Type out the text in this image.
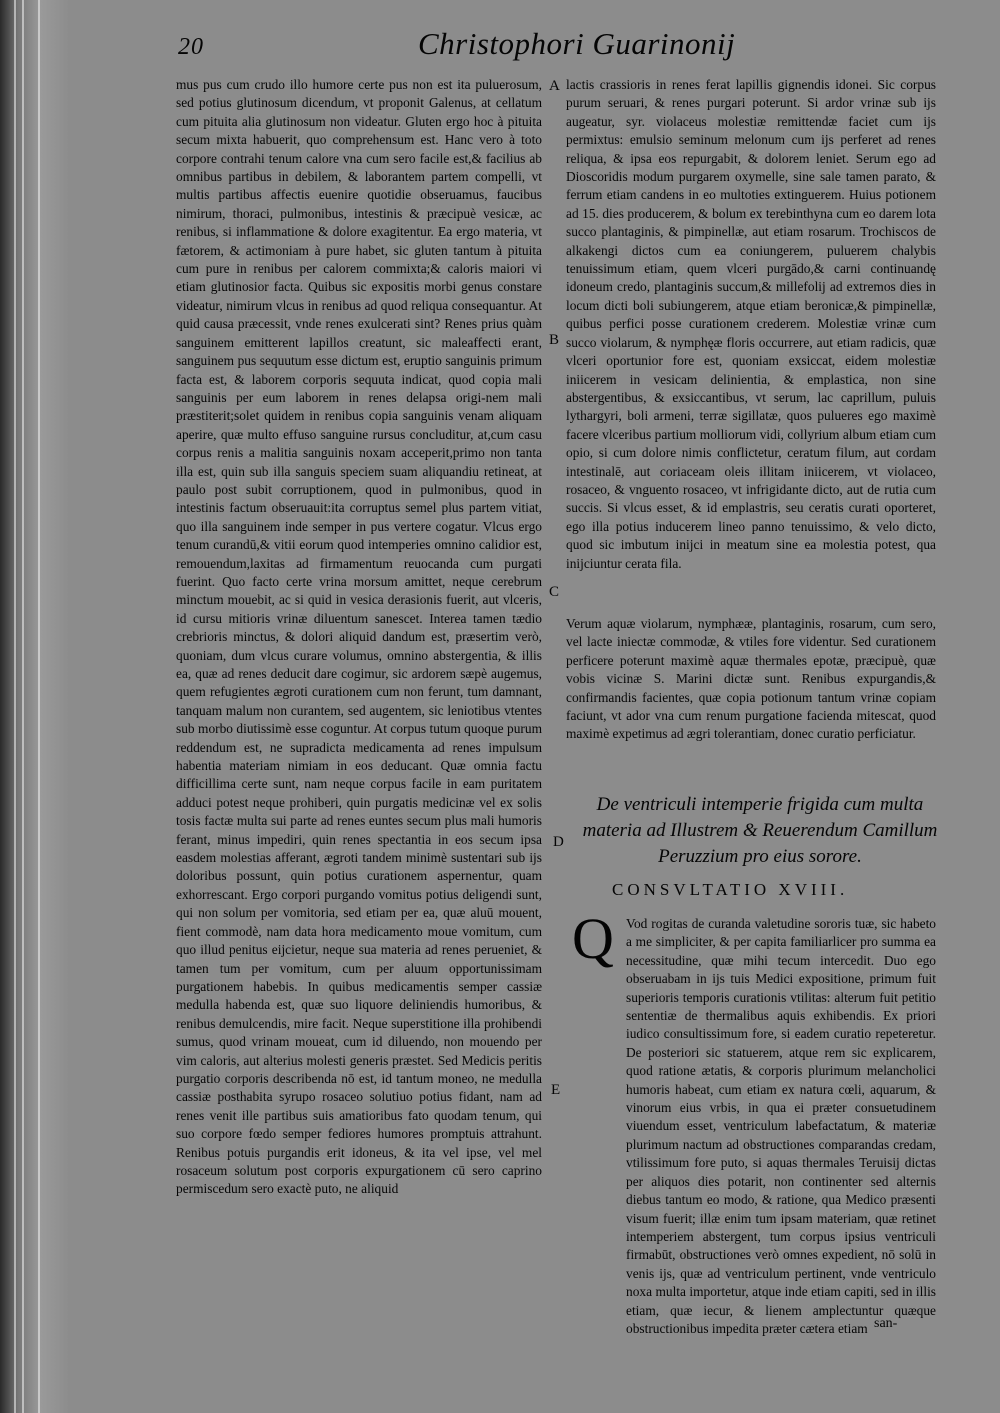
20	Christophori Guarinonij

mus pus cum crudo illo humore certe pus non est ita puluerosum, sed potius glutinosum dicendum, vt proponit Galenus, at cellatum cum pituita alia glutinosum non videatur. Gluten ergo hoc à pituita secum mixta habuerit, quo comprehensum est. Hanc vero à toto corpore contrahi tenum calore vna cum sero facile est,& facilius ab omnibus partibus in debilem, & laborantem partem compelli, vt multis partibus affectis euenire quotidie obseruamus, faucibus nimirum, thoraci, pulmonibus, intestinis & præcipuè vesicæ, ac renibus, si inflammatione & dolore exagitentur. Ea ergo materia, vt fætorem, & actimoniam à pure habet, sic gluten tantum à pituita cum pure in renibus per calorem commixta;& caloris maiori vi etiam glutinosior facta. Quibus sic expositis morbi genus constare videatur, nimirum vlcus in renibus ad quod reliqua consequantur. At quid causa præcessit, vnde renes exulcerati sint? Renes prius quàm sanguinem emitterent lapillos creatunt, sic maleaffecti erant, sanguinem pus sequutum esse dictum est, eruptio sanguinis primum facta est, & laborem corporis sequuta indicat, quod copia mali sanguinis per eum laborem in renes delapsa origi-nem mali præstiterit;solet quidem in renibus copia sanguinis venam aliquam aperire, quæ multo effuso sanguine rursus concluditur, at,cum casu corpus renis a malitia sanguinis noxam acceperit,primo non tanta illa est, quin sub illa sanguis speciem suam aliquandiu retineat, at paulo post subit corruptionem, quod in pulmonibus, quod in intestinis factum obseruauit:ita corruptus semel plus partem vitiat, quo illa sanguinem inde semper in pus vertere cogatur. Vlcus ergo tenum curandū,& vitii eorum quod intemperies omnino calidior est, remouendum,laxitas ad firmamentum reuocanda cum purgati fuerint. Quo facto certe vrina morsum amittet, neque cerebrum minctum mouebit, ac si quid in vesica derasionis fuerit, aut vlceris, id cursu mitioris vrinæ diluentum sanescet. Interea tamen tædio crebrioris minctus, & dolori aliquid dandum est, præsertim verò, quoniam, dum vlcus curare volumus, omnino abstergentia, & illis ea, quæ ad renes deducit dare cogimur, sic ardorem sæpè augemus, quem refugientes ægroti curationem cum non ferunt, tum damnant, tanquam malum non curantem, sed augentem, sic leniotibus vtentes sub morbo diutissimè esse coguntur. At corpus tutum quoque purum reddendum est, ne supradicta medicamenta ad renes impulsum habentia materiam nimiam in eos deducant. Quæ omnia factu difficillima certe sunt, nam neque corpus facile in eam puritatem adduci potest neque prohiberi, quin purgatis medicinæ vel ex solis tosis factæ multa sui parte ad renes euntes secum plus mali humoris ferant, minus impediri, quin renes spectantia in eos secum ipsa easdem molestias afferant, ægroti tandem minimè sustentari sub ijs doloribus possunt, quin potius curationem aspernentur, quam exhorrescant. Ergo corpori purgando vomitus potius deligendi sunt, qui non solum per vomitoria, sed etiam per ea, quæ aluū mouent, fient commodè, nam data hora medicamento moue vomitum, cum quo illud penitus eijcietur, neque sua materia ad renes perueniet, & tamen tum per vomitum, cum per aluum opportunissimam purgationem habebis. In quibus medicamentis semper cassiæ medulla habenda est, quæ suo liquore deliniendis humoribus, & renibus demulcendis, mire facit. Neque superstitione illa prohibendi sumus, quod vrinam moueat, cum id diluendo, non mouendo per vim caloris, aut alterius molesti generis præstet. Sed Medicis peritis purgatio corporis describenda nō est, id tantum moneo, ne medulla cassiæ posthabita syrupo rosaceo solutiuo potius fidant, nam ad renes venit ille partibus suis amatioribus fato quodam tenum, qui suo corpore fœdo semper fediores humores promptuis attrahunt. Renibus potuis purgandis erit idoneus, & ita vel ipse, vel mel rosaceum solutum post corporis expurgationem cū sero caprino permiscedum sero exactè puto, ne aliquid

A
B
C
D
E

lactis crassioris in renes ferat lapillis gignendis idonei. Sic corpus purum seruari, & renes purgari poterunt. Si ardor vrinæ sub ijs augeatur, syr. violaceus molestiæ remittendæ faciet cum ijs permixtus: emulsio seminum melonum cum ijs perferet ad renes reliqua, & ipsa eos repurgabit, & dolorem leniet. Serum ego ad Dioscoridis modum purgarem oxymelle, sine sale tamen parato, & ferrum etiam candens in eo multoties extinguerem. Huius potionem ad 15. dies producerem, & bolum ex terebinthyna cum eo darem lota succo plantaginis, & pimpinellæ, aut etiam rosarum. Trochiscos de alkakengi dictos cum ea coniungerem, puluerem chalybis tenuissimum etiam, quem vlceri purgādo,& carni continuandę idoneum credo, plantaginis succum,& millefolij ad extremos dies in locum dicti boli subiungerem, atque etiam beronicæ,& pimpinellæ, quibus perfici posse curationem crederem. Molestiæ vrinæ cum succo violarum, & nymphęæ floris occurrere, aut etiam radicis, quæ vlceri oportunior fore est, quoniam exsiccat, eidem molestiæ iniicerem in vesicam delinientia, & emplastica, non sine abstergentibus, & exsiccantibus, vt serum, lac caprillum, puluis lythargyri, boli armeni, terræ sigillatæ, quos pulueres ego maximè facere vlceribus partium molliorum vidi, collyrium album etiam cum opio, si cum dolore nimis conflictetur, ceratum filum, aut cordam intestinalē, aut coriaceam oleis illitam iniicerem, vt violaceo, rosaceo, & vnguento rosaceo, vt infrigidante dicto, aut de rutia cum succis. Si vlcus esset, & id emplastris, seu ceratis curati oporteret, ego illa potius inducerem lineo panno tenuissimo, & velo dicto, quod sic imbutum inijci in meatum sine ea molestia potest, qua inijciuntur cerata fila.

Verum aquæ violarum, nymphææ, plantaginis, rosarum, cum sero, vel lacte iniectæ commodæ, & vtiles fore videntur. Sed curationem perficere poterunt maximè aquæ thermales epotæ, præcipuè, quæ vobis vicinæ S. Marini dictæ sunt. Renibus expurgandis,& confirmandis facientes, quæ copia potionum tantum vrinæ copiam faciunt, vt ador vna cum renum purgatione facienda mitescat, quod maximè expetimus ad ægri tolerantiam, donec curatio perficiatur.

De ventriculi intemperie frigida cum multa materia ad Illustrem & Reuerendum Camillum Peruzzium pro eius sorore.
CONSVLTATIO XVIII.
Q Vod rogitas de curanda valetudine sororis tuæ, sic habeto a me simpliciter, & per capita familiarlicer pro summa ea necessitudine, quæ mihi tecum intercedit. Duo ego obseruabam in ijs tuis Medici expositione, primum fuit superioris temporis curationis vtilitas: alterum fuit petitio sententiæ de thermalibus aquis exhibendis. Ex priori iudico consultissimum fore, si eadem curatio repeteretur. De posteriori sic statuerem, atque rem sic explicarem, quod ratione ætatis, & corporis plurimum melancholici humoris habeat, cum etiam ex natura cœli, aquarum, & vinorum eius vrbis, in qua ei præter consuetudinem viuendum esset, ventriculum labefactatum, & materiæ plurimum nactum ad obstructiones comparandas credam, vtilissimum fore puto, si aquas thermales Teruisij dictas per aliquos dies potarit, non continenter sed alternis diebus tantum eo modo, & ratione, qua Medico præsenti visum fuerit; illæ enim tum ipsam materiam, quæ retinet intemperiem abstergent, tum corpus ipsius ventriculi firmabūt, obstructiones verò omnes expedient, nō solū in venis ijs, quæ ad ventriculum pertinent, vnde ventriculo noxa multa importetur, atque inde etiam capiti, sed in illis etiam, quæ iecur, & lienem amplectuntur quæque obstructionibus impedita præter cætera etiam san-
